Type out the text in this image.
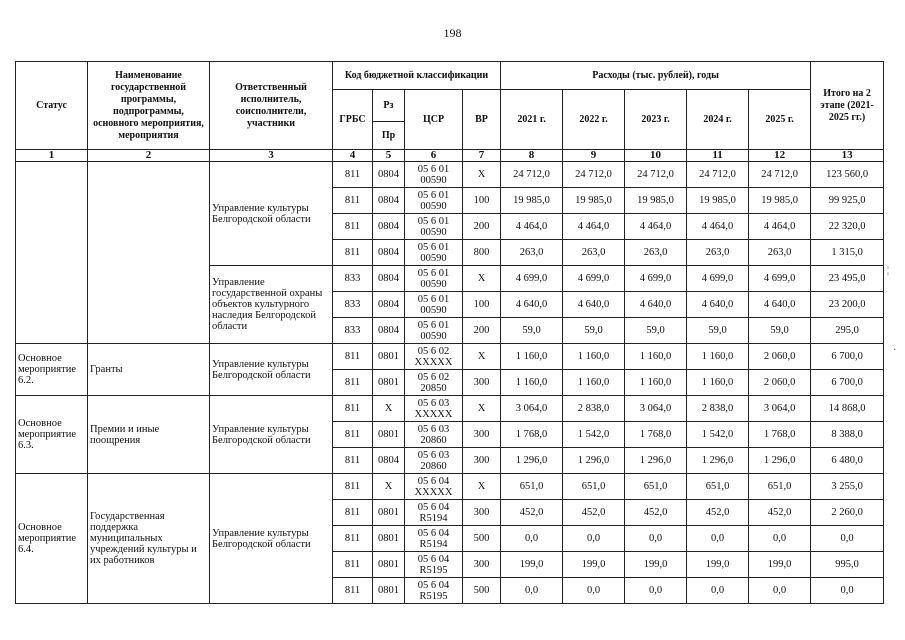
198
Статус	Наименование государственной программы, подпрограммы, основного мероприятия, мероприятия	Ответственный исполнитель, соисполнители, участники	Код бюджетной классификации				Расходы (тыс. рублей), годы					Итого на 2 этапе (2021-2025 гг.)
			ГРБС	Рз	ЦСР	ВР	2021 г.	2022 г.	2023 г.	2024 г.	2025 г.	
				Пр								
1	2	3	4	5	6	7	8	9	10	11	12	13
		Управление культуры Белгородской области	811	0804	05 6 01 00590	X	24 712,0	24 712,0	24 712,0	24 712,0	24 712,0	123 560,0
			811	0804	05 6 01 00590	100	19 985,0	19 985,0	19 985,0	19 985,0	19 985,0	99 925,0
			811	0804	05 6 01 00590	200	4 464,0	4 464,0	4 464,0	4 464,0	4 464,0	22 320,0
			811	0804	05 6 01 00590	800	263,0	263,0	263,0	263,0	263,0	1 315,0
		Управление государственной охраны объектов культурного наследия Белгородской области	833	0804	05 6 01 00590	X	4 699,0	4 699,0	4 699,0	4 699,0	4 699,0	23 495,0
			833	0804	05 6 01 00590	100	4 640,0	4 640,0	4 640,0	4 640,0	4 640,0	23 200,0
			833	0804	05 6 01 00590	200	59,0	59,0	59,0	59,0	59,0	295,0
Основное мероприятие 6.2.	Гранты	Управление культуры Белгородской области	811	0801	05 6 02 XXXXX	X	1 160,0	1 160,0	1 160,0	1 160,0	2 060,0	6 700,0
			811	0801	05 6 02 20850	300	1 160,0	1 160,0	1 160,0	1 160,0	2 060,0	6 700,0
Основное мероприятие 6.3.	Премии и иные поощрения	Управление культуры Белгородской области	811	X	05 6 03 XXXXX	X	3 064,0	2 838,0	3 064,0	2 838,0	3 064,0	14 868,0
			811	0801	05 6 03 20860	300	1 768,0	1 542,0	1 768,0	1 542,0	1 768,0	8 388,0
			811	0804	05 6 03 20860	300	1 296,0	1 296,0	1 296,0	1 296,0	1 296,0	6 480,0
Основное мероприятие 6.4.	Государственная поддержка муниципальных учреждений культуры и их работников	Управление культуры Белгородской области	811	X	05 6 04 XXXXX	X	651,0	651,0	651,0	651,0	651,0	3 255,0
			811	0801	05 6 04 R5194	300	452,0	452,0	452,0	452,0	452,0	2 260,0
			811	0801	05 6 04 R5194	500	0,0	0,0	0,0	0,0	0,0	0,0
			811	0801	05 6 04 R5195	300	199,0	199,0	199,0	199,0	199,0	995,0
			811	0801	05 6 04 R5195	500	0,0	0,0	0,0	0,0	0,0	0,0
¦
·
